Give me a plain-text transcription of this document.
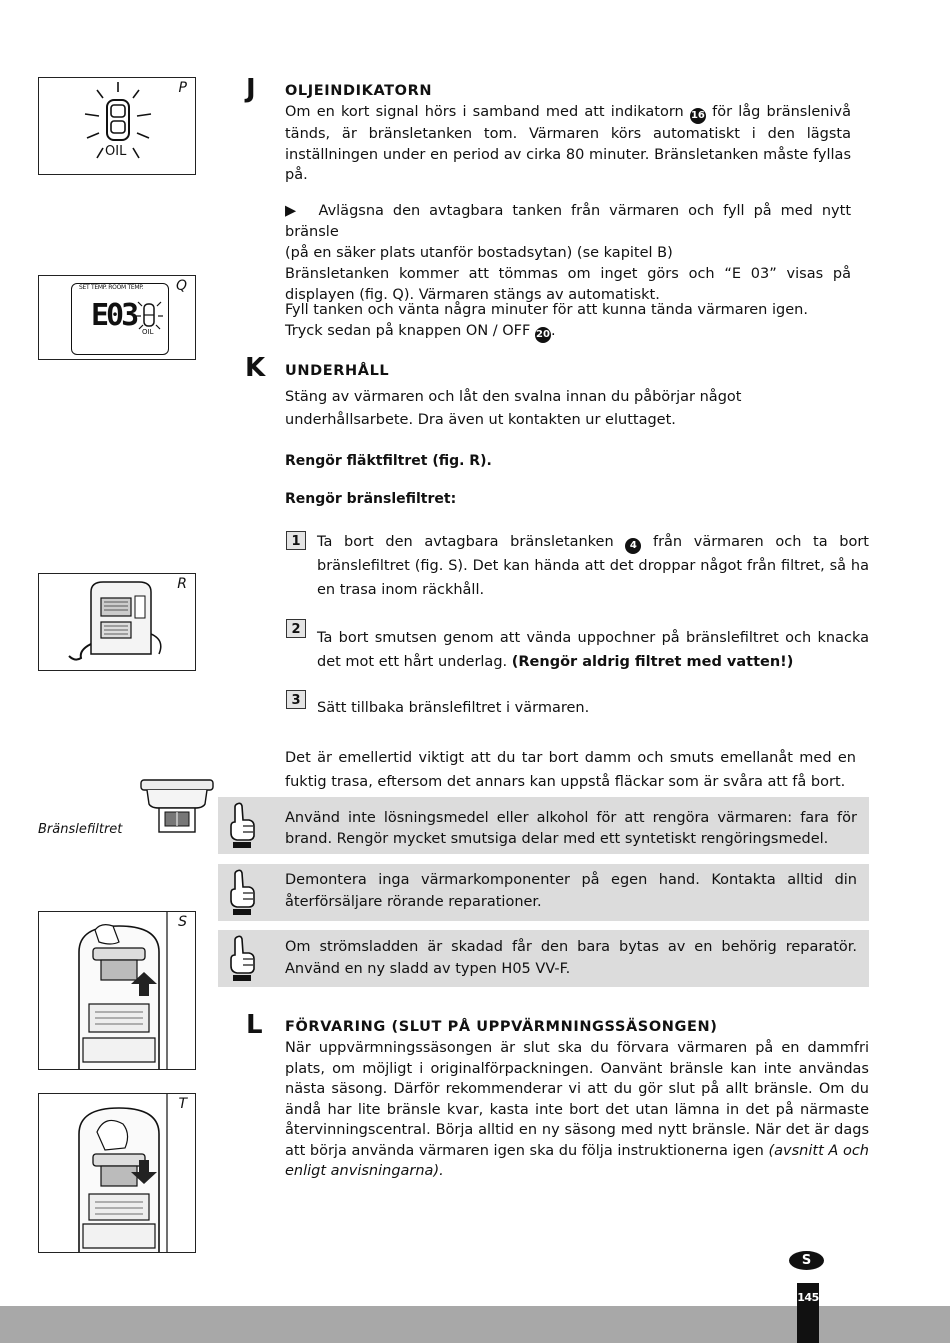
P
OIL
Q
SET TEMP. ROOM TEMP.
E03 OIL
R
Bränslefiltret
S
T
J OLJEINDIKATORN
Om en kort signal hörs i samband med att indikatorn 16 för låg bränslenivå tänds, är bränsletanken tom. Värmaren körs automatiskt i den lägsta inställningen under en period av cirka 80 minuter. Bränsletanken måste fyllas på.
▶ Avlägsna den avtagbara tanken från värmaren och fyll på med nytt bränsle
(på en säker plats utanför bostadsytan) (se kapitel B)
Bränsletanken kommer att tömmas om inget görs och “E 03” visas på displayen (fig. Q). Värmaren stängs av automatiskt.
Fyll tanken och vänta några minuter för att kunna tända värmaren igen.
Tryck sedan på knappen ON / OFF 20.
K UNDERHÅLL
Stäng av värmaren och låt den svalna innan du påbörjar något underhållsarbete. Dra även ut kontakten ur eluttaget.
Rengör fläktfiltret (fig. R).
Rengör bränslefiltret:
1	Ta bort den avtagbara bränsletanken 4 från värmaren och ta bort bränslefiltret (fig. S). Det kan hända att det droppar något från filtret, så ha en trasa inom räckhåll.
2
Ta bort smutsen genom att vända uppochner på bränslefiltret och knacka det mot ett hårt underlag. (Rengör aldrig filtret med vatten!)
3	Sätt tillbaka bränslefiltret i värmaren.
Det är emellertid viktigt att du tar bort damm och smuts emellanåt med en fuktig trasa, eftersom det annars kan uppstå fläckar som är svåra att få bort.
Använd inte lösningsmedel eller alkohol för att rengöra värmaren: fara för brand. Rengör mycket smutsiga delar med ett syntetiskt rengöringsmedel.
Demontera inga värmarkomponenter på egen hand. Kontakta alltid din återförsäljare rörande reparationer.
Om strömsladden är skadad får den bara bytas av en behörig reparatör. Använd en ny sladd av typen H05 VV-F.
L FÖRVARING (SLUT PÅ UPPVÄRMNINGSSÄSONGEN)
När uppvärmningssäsongen är slut ska du förvara värmaren på en dammfri plats, om möjligt i originalförpackningen. Oanvänt bränsle kan inte användas nästa säsong. Därför rekommenderar vi att du gör slut på allt bränsle. Om du ändå har lite bränsle kvar, kasta inte bort det utan lämna in det på närmaste återvinningscentral. Börja alltid en ny säsong med nytt bränsle. När det är dags att börja använda värmaren igen ska du följa instruktionerna igen (avsnitt A och enligt anvisningarna).
S
145
